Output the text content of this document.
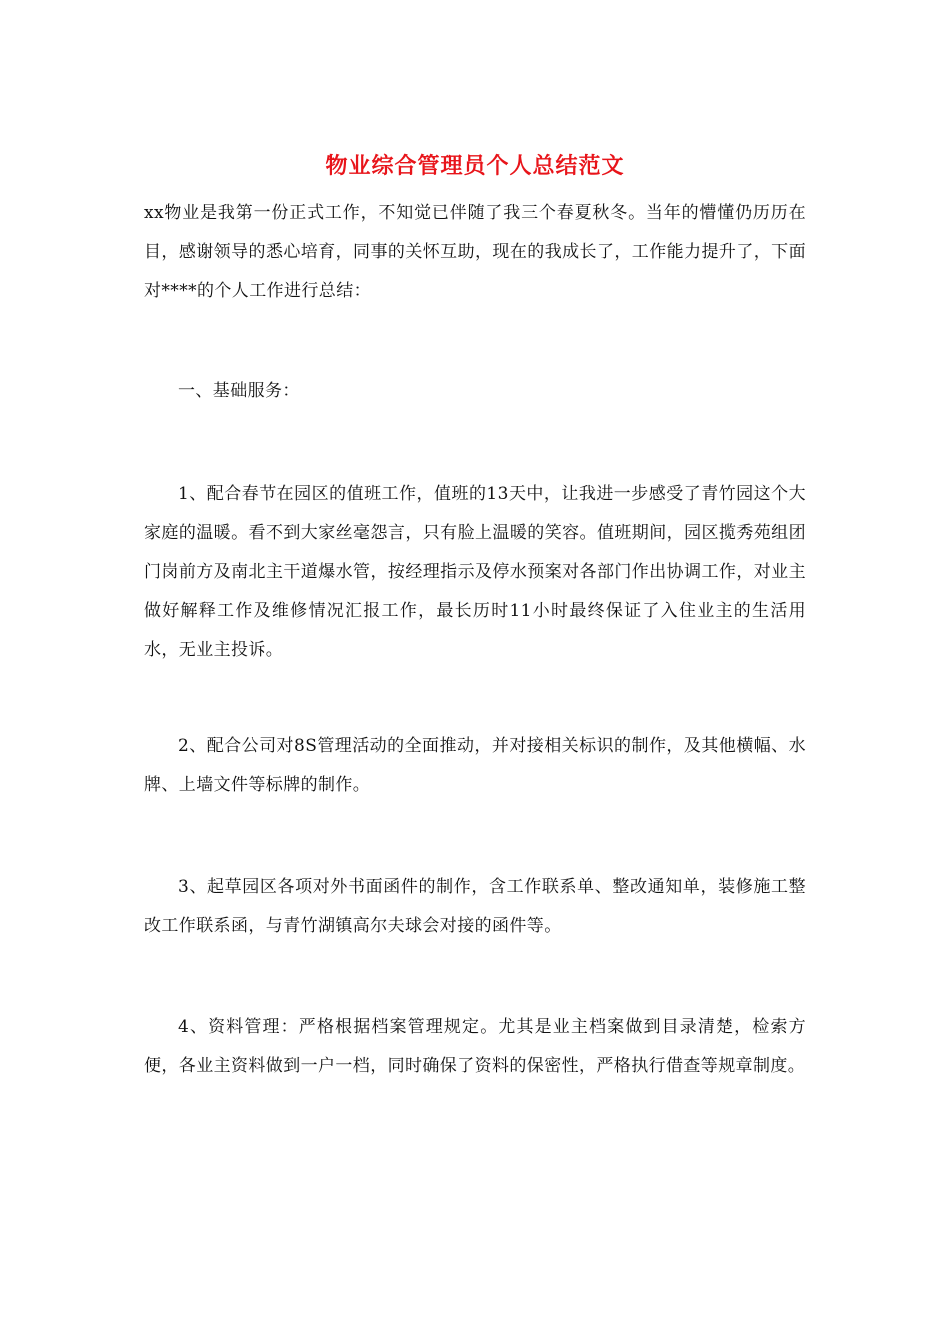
物业综合管理员个人总结范文

xx物业是我第一份正式工作，不知觉已伴随了我三个春夏秋冬。当年的懵懂仍历历在目，感谢领导的悉心培育，同事的关怀互助，现在的我成长了，工作能力提升了，下面对****的个人工作进行总结：

一、基础服务：

1、配合春节在园区的值班工作，值班的13天中，让我进一步感受了青竹园这个大家庭的温暖。看不到大家丝毫怨言，只有脸上温暖的笑容。值班期间，园区揽秀苑组团门岗前方及南北主干道爆水管，按经理指示及停水预案对各部门作出协调工作，对业主做好解释工作及维修情况汇报工作，最长历时11小时最终保证了入住业主的生活用水，无业主投诉。

2、配合公司对8S管理活动的全面推动，并对接相关标识的制作，及其他横幅、水牌、上墙文件等标牌的制作。

3、起草园区各项对外书面函件的制作，含工作联系单、整改通知单，装修施工整改工作联系函，与青竹湖镇高尔夫球会对接的函件等。

4、资料管理：严格根据档案管理规定。尤其是业主档案做到目录清楚，检索方便，各业主资料做到一户一档，同时确保了资料的保密性，严格执行借查等规章制度。
